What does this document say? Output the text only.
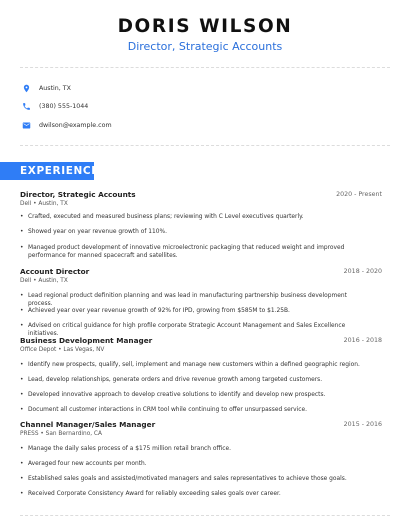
DORIS WILSON
Director, Strategic Accounts
Austin, TX
(380) 555-1044
dwilson@example.com
EXPERIENCE
Director, Strategic Accounts	2020 - Present
Dell • Austin, TX
• Crafted, executed and measured business plans; reviewing with C Level executives quarterly.
• Showed year on year revenue growth of 110%.
• Managed product development of innovative microelectronic packaging that reduced weight and improved performance for manned spacecraft and satellites.
Account Director	2018 - 2020
Dell • Austin, TX
• Lead regional product definition planning and was lead in manufacturing partnership business development process.
• Achieved year over year revenue growth of 92% for IPD, growing from $585M to $1.25B.
• Advised on critical guidance for high profile corporate Strategic Account Management and Sales Excellence initiatives.
Business Development Manager	2016 - 2018
Office Depot • Las Vegas, NV
• Identify new prospects, qualify, sell, implement and manage new customers within a defined geographic region.
• Lead, develop relationships, generate orders and drive revenue growth among targeted customers.
• Developed innovative approach to develop creative solutions to identify and develop new prospects.
• Document all customer interactions in CRM tool while continuing to offer unsurpassed service.
Channel Manager/Sales Manager	2015 - 2016
PRESS • San Bernardino, CA
• Manage the daily sales process of a $175 million retail branch office.
• Averaged four new accounts per month.
• Established sales goals and assisted/motivated managers and sales representatives to achieve those goals.
• Received Corporate Consistency Award for reliably exceeding sales goals over career.
